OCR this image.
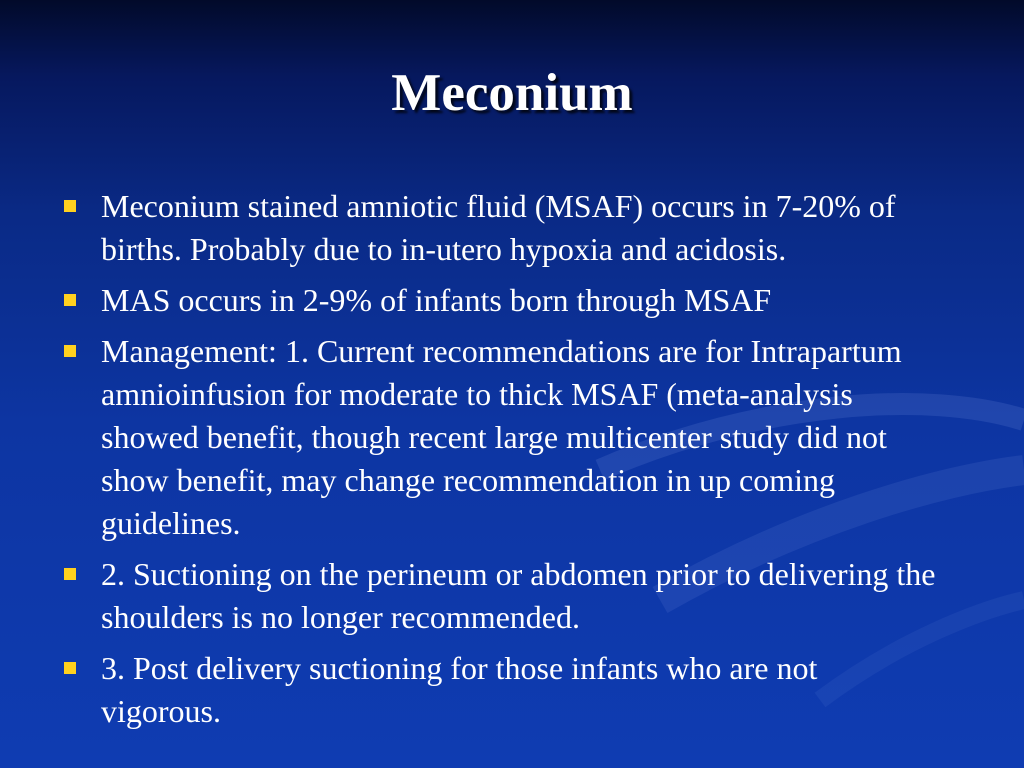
Meconium
Meconium stained amniotic fluid (MSAF) occurs in 7-20% of births. Probably due to in-utero hypoxia and acidosis.
MAS occurs in 2-9% of infants born through MSAF
Management: 1. Current recommendations are for Intrapartum amnioinfusion for moderate to thick MSAF (meta-analysis showed benefit, though recent large multicenter study did not show benefit, may change recommendation in up coming guidelines.
2. Suctioning on the perineum or abdomen prior to delivering the shoulders is no longer recommended.
3. Post delivery suctioning for those infants who are not vigorous.
